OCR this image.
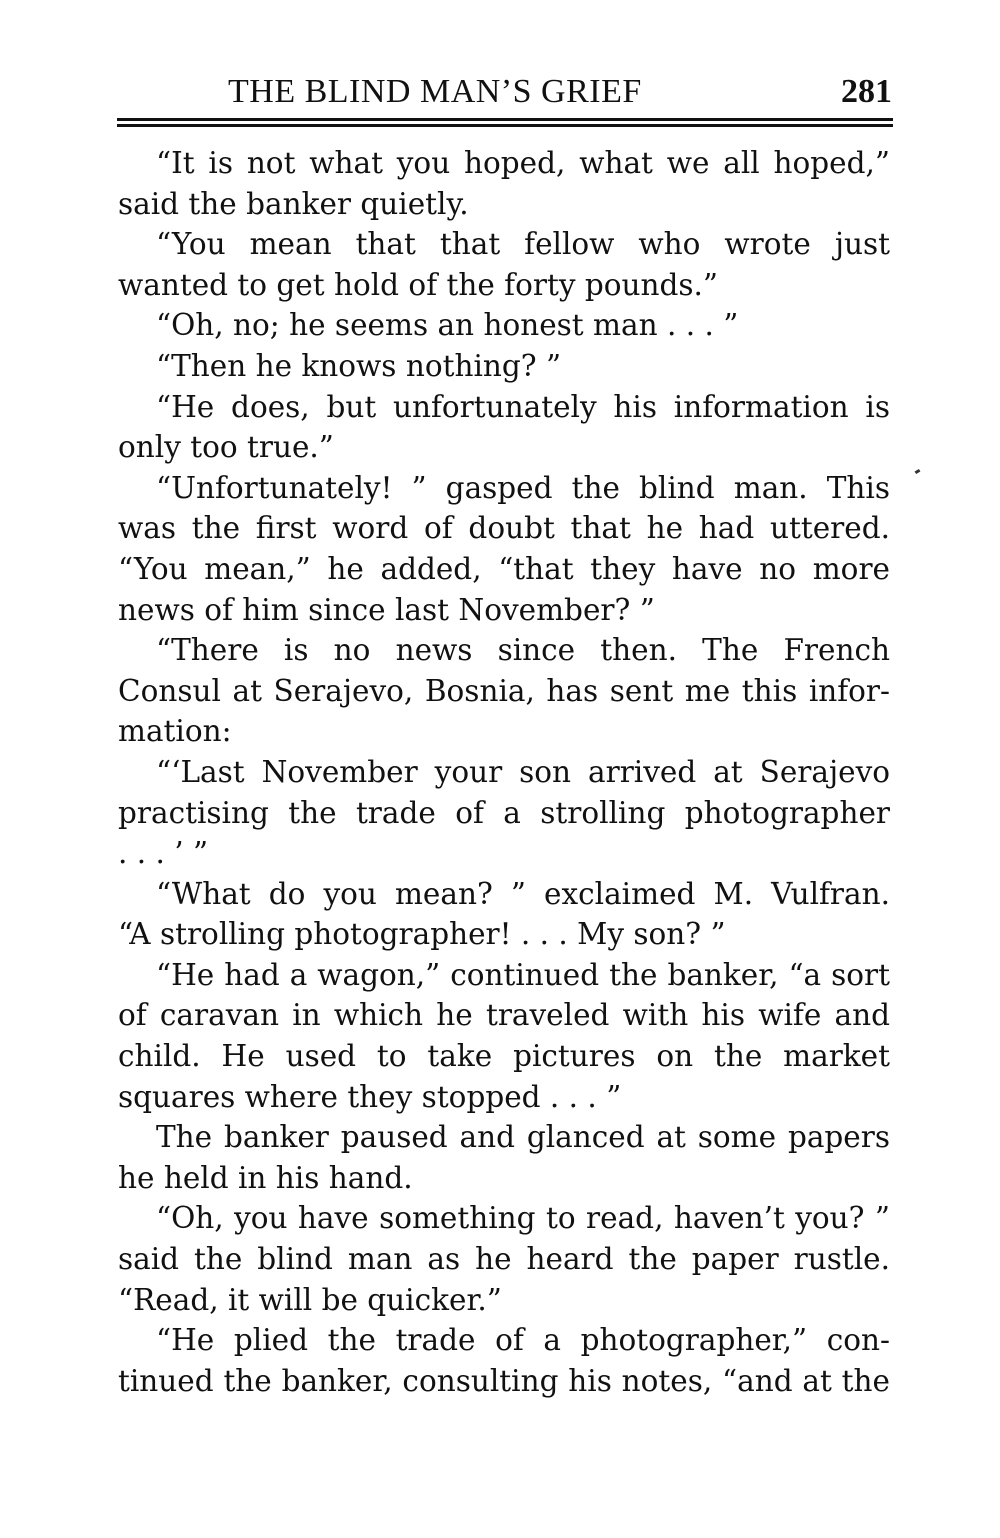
THE BLIND MAN’S GRIEF	281
“It is not what you hoped, what we all hoped,”
said the banker quietly.
“You mean that that fellow who wrote just
wanted to get hold of the forty pounds.”
“Oh, no; he seems an honest man . . . ”
“Then he knows nothing? ”
“He does, but unfortunately his information is
only too true.”
“Unfortunately! ” gasped the blind man. This
was the first word of doubt that he had uttered.
“You mean,” he added, “that they have no more
news of him since last November? ”
“There is no news since then. The French
Consul at Serajevo, Bosnia, has sent me this infor-
mation:
“‘Last November your son arrived at Serajevo
practising the trade of a strolling photographer
. . . ’ ”
“What do you mean? ” exclaimed M. Vulfran.
“A strolling photographer! . . . My son? ”
“He had a wagon,” continued the banker, “a sort
of caravan in which he traveled with his wife and
child. He used to take pictures on the market
squares where they stopped . . . ”
The banker paused and glanced at some papers
he held in his hand.
“Oh, you have something to read, haven’t you? ”
said the blind man as he heard the paper rustle.
“Read, it will be quicker.”
“He plied the trade of a photographer,” con-
tinued the banker, consulting his notes, “and at the
